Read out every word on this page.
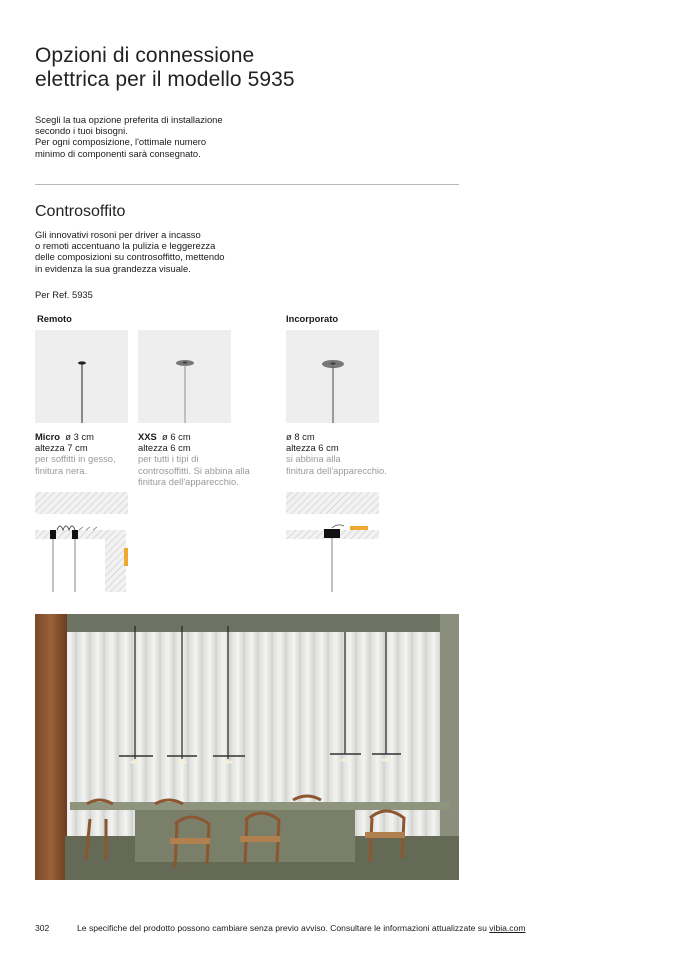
Opzioni di connessione
elettrica per il modello 5935
Scegli la tua opzione preferita di installazione
secondo i tuoi bisogni.
Per ogni composizione, l'ottimale numero
minimo di componenti sarà consegnato.
Controsoffito
Gli innovativi rosoni per driver a incasso
o remoti accentuano la pulizia e leggerezza
delle composizioni su controsoffitto, mettendo
in evidenza la sua grandezza visuale.
Per Ref. 5935
Remoto	Incorporato
Micro ø 3 cm
altezza 7 cm
per soffitti in gesso,
finitura nera.
XXS ø 6 cm
altezza 6 cm
per tutti i tipi di
controsoffitti. Si abbina alla
finitura dell'apparecchio.
ø 8 cm
altezza 6 cm
si abbina alla
finitura dell'apparecchio.
302	Le specifiche del prodotto possono cambiare senza previo avviso. Consultare le informazioni attualizzate su vibia.com
